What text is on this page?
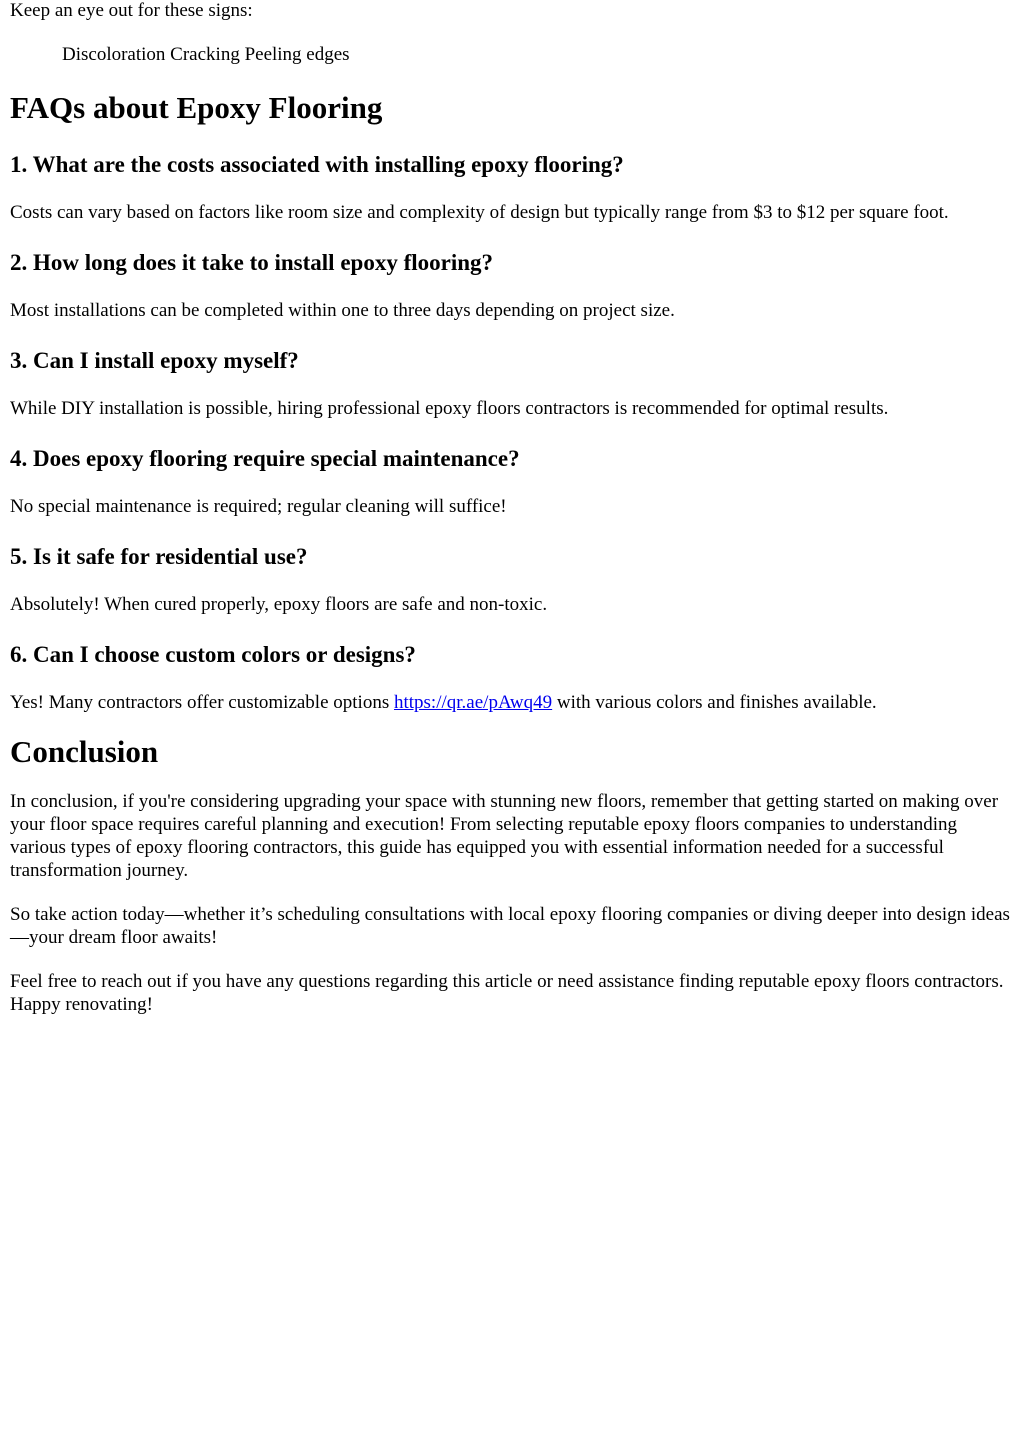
Keep an eye out for these signs:

Discoloration Cracking Peeling edges

FAQs about Epoxy Flooring
1. What are the costs associated with installing epoxy flooring?

Costs can vary based on factors like room size and complexity of design but typically range from $3 to $12 per square foot.

2. How long does it take to install epoxy flooring?

Most installations can be completed within one to three days depending on project size.

3. Can I install epoxy myself?

While DIY installation is possible, hiring professional epoxy floors contractors is recommended for optimal results.

4. Does epoxy flooring require special maintenance?

No special maintenance is required; regular cleaning will suffice!

5. Is it safe for residential use?

Absolutely! When cured properly, epoxy floors are safe and non-toxic.

6. Can I choose custom colors or designs?

Yes! Many contractors offer customizable options https://qr.ae/pAwq49 with various colors and finishes available.

Conclusion

In conclusion, if you're considering upgrading your space with stunning new floors, remember that getting started on making over your floor space requires careful planning and execution! From selecting reputable epoxy floors companies to understanding various types of epoxy flooring contractors, this guide has equipped you with essential information needed for a successful transformation journey.

So take action today—whether it’s scheduling consultations with local epoxy flooring companies or diving deeper into design ideas—your dream floor awaits!

Feel free to reach out if you have any questions regarding this article or need assistance finding reputable epoxy floors contractors. Happy renovating!
